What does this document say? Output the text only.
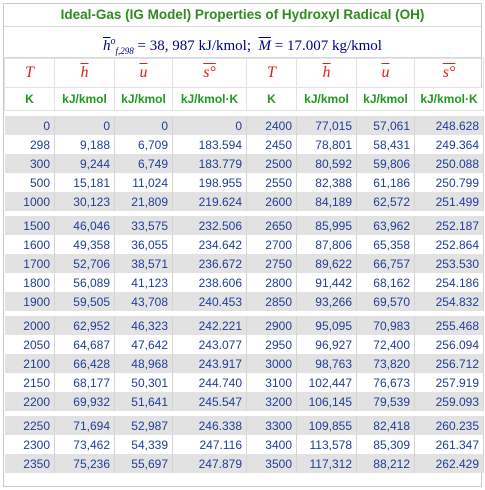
Ideal-Gas (IG Model) Properties of Hydroxyl Radical (OH)
$\overline{h}^o_{f,298} = 38$, 987 kJ/kmol; $\overline{M} = 17.007$ kg/kmol
T	$\overline{h}$	$\overline{u}$	s°	T	$\overline{h}$	$\overline{u}$	s°
K	kJ/kmol	kJ/kmol	kJ/kmol·K	K	kJ/kmol	kJ/kmol	kJ/kmol·K

0	0	0	0	2400	77,015	57,061	248.628
298	9,188	6,709	183.594	2450	78,801	58,431	249.364
300	9,244	6,749	183.779	2500	80,592	59,806	250.088
500	15,181	11,024	198.955	2550	82,388	61,186	250.799
1000	30,123	21,809	219.624	2600	84,189	62,572	251.499

1500	46,046	33,575	232.506	2650	85,995	63,962	252.187
1600	49,358	36,055	234.642	2700	87,806	65,358	252.864
1700	52,706	38,571	236.672	2750	89,622	66,757	253.530
1800	56,089	41,123	238.606	2800	91,442	68,162	254.186
1900	59,505	43,708	240.453	2850	93,266	69,570	254.832

2000	62,952	46,323	242.221	2900	95,095	70,983	255.468
2050	64,687	47,642	243.077	2950	96,927	72,400	256.094
2100	66,428	48,968	243.917	3000	98,763	73,820	256.712
2150	68,177	50,301	244.740	3100	102,447	76,673	257.919
2200	69,932	51,641	245.547	3200	106,145	79,539	259.093

2250	71,694	52,987	246.338	3300	109,855	82,418	260.235
2300	73,462	54,339	247.116	3400	113,578	85,309	261.347
2350	75,236	55,697	247.879	3500	117,312	88,212	262.429
